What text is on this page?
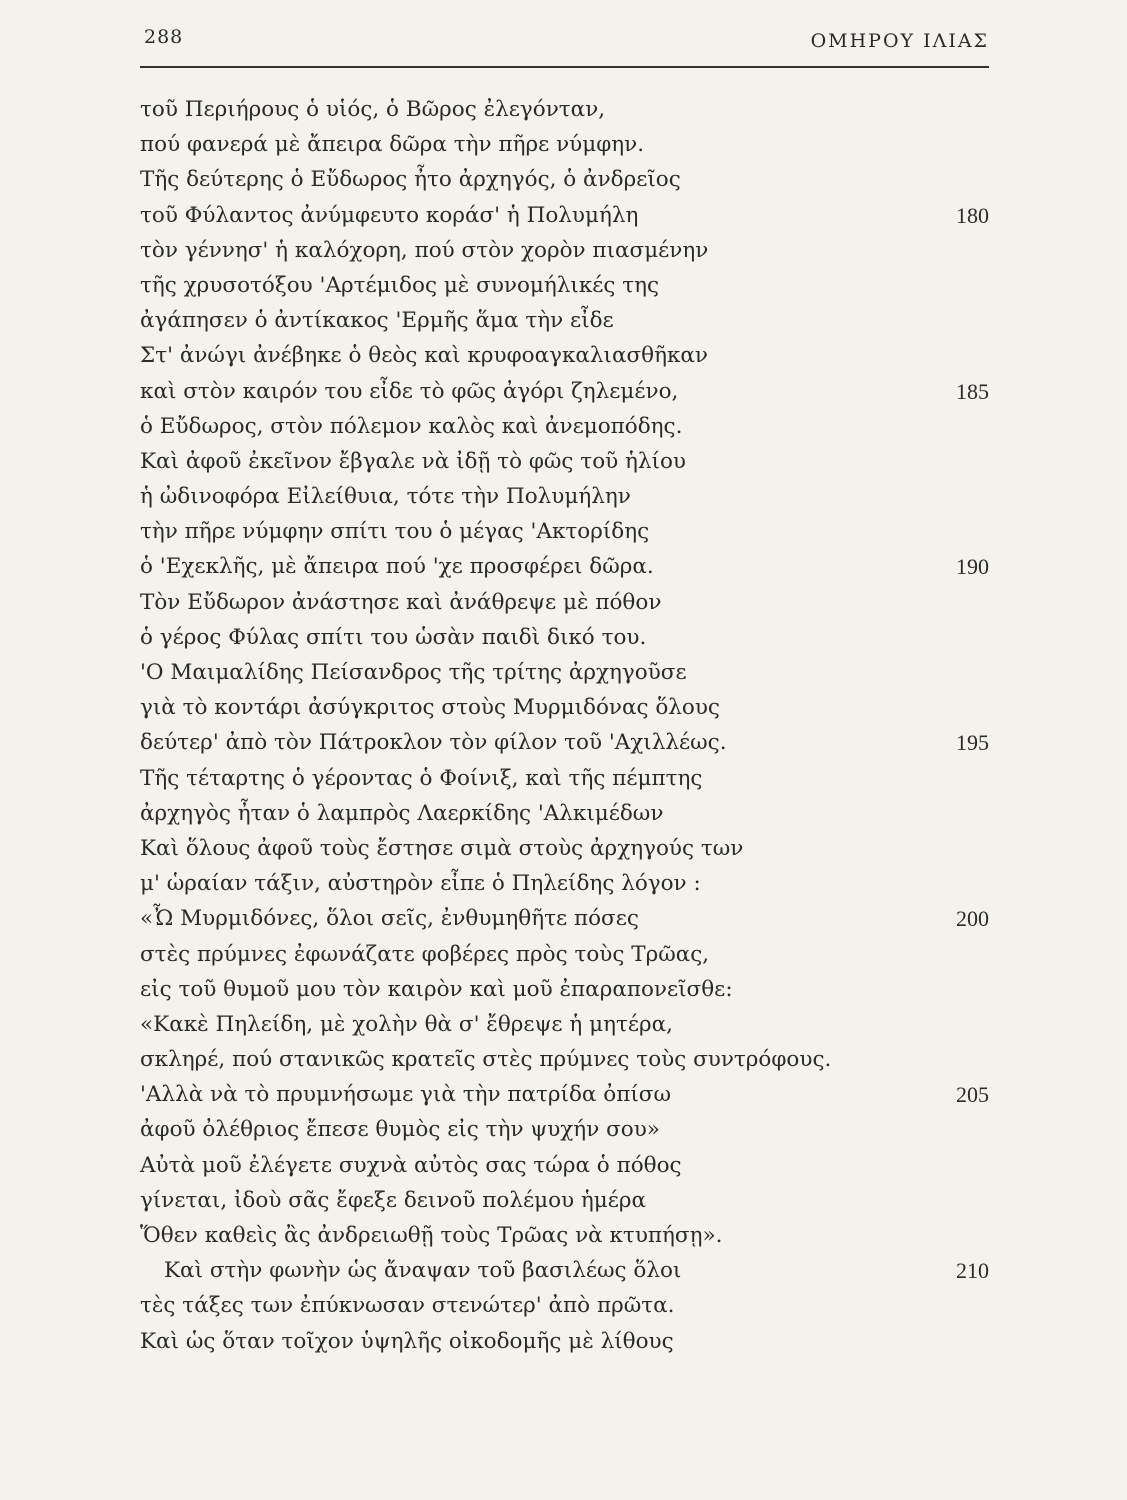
288	ΟΜΗΡΟΥ ΙΛΙΑΣ
τοῦ Περιήρους ὁ υἱός, ὁ Βῶρος ἐλεγόνταν,
πού φανερά μὲ ἄπειρα δῶρα τὴν πῆρε νύμφην.
Τῆς δεύτερης ὁ Εὔδωρος ἦτο ἀρχηγός, ὁ ἀνδρεῖος
τοῦ Φύλαντος ἀνύμφευτο κοράσ' ἡ Πολυμήλη	180
τὸν γέννησ' ἡ καλόχορη, πού στὸν χορὸν πιασμένην
τῆς χρυσοτόξου 'Αρτέμιδος μὲ συνομήλικές της
ἀγάπησεν ὁ ἀντίκακος 'Ερμῆς ἅμα τὴν εἶδε
Στ' ἀνώγι ἀνέβηκε ὁ θεὸς καὶ κρυφοαγκαλιασθῆκαν
καὶ στὸν καιρόν του εἶδε τὸ φῶς ἀγόρι ζηλεμένο,	185
ὁ Εὔδωρος, στὸν πόλεμον καλὸς καὶ ἀνεμοπόδης.
Καὶ ἀφοῦ ἐκεῖνον ἔβγαλε νὰ ἰδῇ τὸ φῶς τοῦ ἡλίου
ἡ ὠδινοφόρα Εἰλείθυια, τότε τὴν Πολυμήλην
τὴν πῆρε νύμφην σπίτι του ὁ μέγας 'Ακτορίδης
ὁ 'Εχεκλῆς, μὲ ἄπειρα πού 'χε προσφέρει δῶρα.	190
Τὸν Εὔδωρον ἀνάστησε καὶ ἀνάθρεψε μὲ πόθον
ὁ γέρος Φύλας σπίτι του ὡσὰν παιδὶ δικό του.
'Ο Μαιμαλίδης Πείσανδρος τῆς τρίτης ἀρχηγοῦσε
γιὰ τὸ κοντάρι ἀσύγκριτος στοὺς Μυρμιδόνας ὅλους
δεύτερ' ἀπὸ τὸν Πάτροκλον τὸν φίλον τοῦ 'Αχιλλέως.	195
Τῆς τέταρτης ὁ γέροντας ὁ Φοίνιξ, καὶ τῆς πέμπτης
ἀρχηγὸς ἦταν ὁ λαμπρὸς Λαερκίδης 'Αλκιμέδων
Καὶ ὅλους ἀφοῦ τοὺς ἔστησε σιμὰ στοὺς ἀρχηγούς των
μ' ὡραίαν τάξιν, αὐστηρὸν εἶπε ὁ Πηλείδης λόγον :
«Ὦ Μυρμιδόνες, ὅλοι σεῖς, ἐνθυμηθῆτε πόσες	200
στὲς πρύμνες ἐφωνάζατε φοβέρες πρὸς τοὺς Τρῶας,
εἰς τοῦ θυμοῦ μου τὸν καιρὸν καὶ μοῦ ἐπαραπονεῖσθε:
«Κακὲ Πηλείδη, μὲ χολὴν θὰ σ' ἔθρεψε ἡ μητέρα,
σκληρέ, πού στανικῶς κρατεῖς στὲς πρύμνες τοὺς συντρόφους.
'Αλλὰ νὰ τὸ πρυμνήσωμε γιὰ τὴν πατρίδα ὀπίσω	205
ἀφοῦ ὀλέθριος ἔπεσε θυμὸς εἰς τὴν ψυχήν σου»
Αὐτὰ μοῦ ἐλέγετε συχνὰ αὐτὸς σας τώρα ὁ πόθος
γίνεται, ἰδοὺ σᾶς ἔφεξε δεινοῦ πολέμου ἡμέρα
Ὅθεν καθεὶς ἂς ἀνδρειωθῇ τοὺς Τρῶας νὰ κτυπήσῃ».
Καὶ στὴν φωνὴν ὡς ἄναψαν τοῦ βασιλέως ὅλοι	210
τὲς τάξες των ἐπύκνωσαν στενώτερ' ἀπὸ πρῶτα.
Καὶ ὡς ὅταν τοῖχον ὑψηλῆς οἰκοδομῆς μὲ λίθους
